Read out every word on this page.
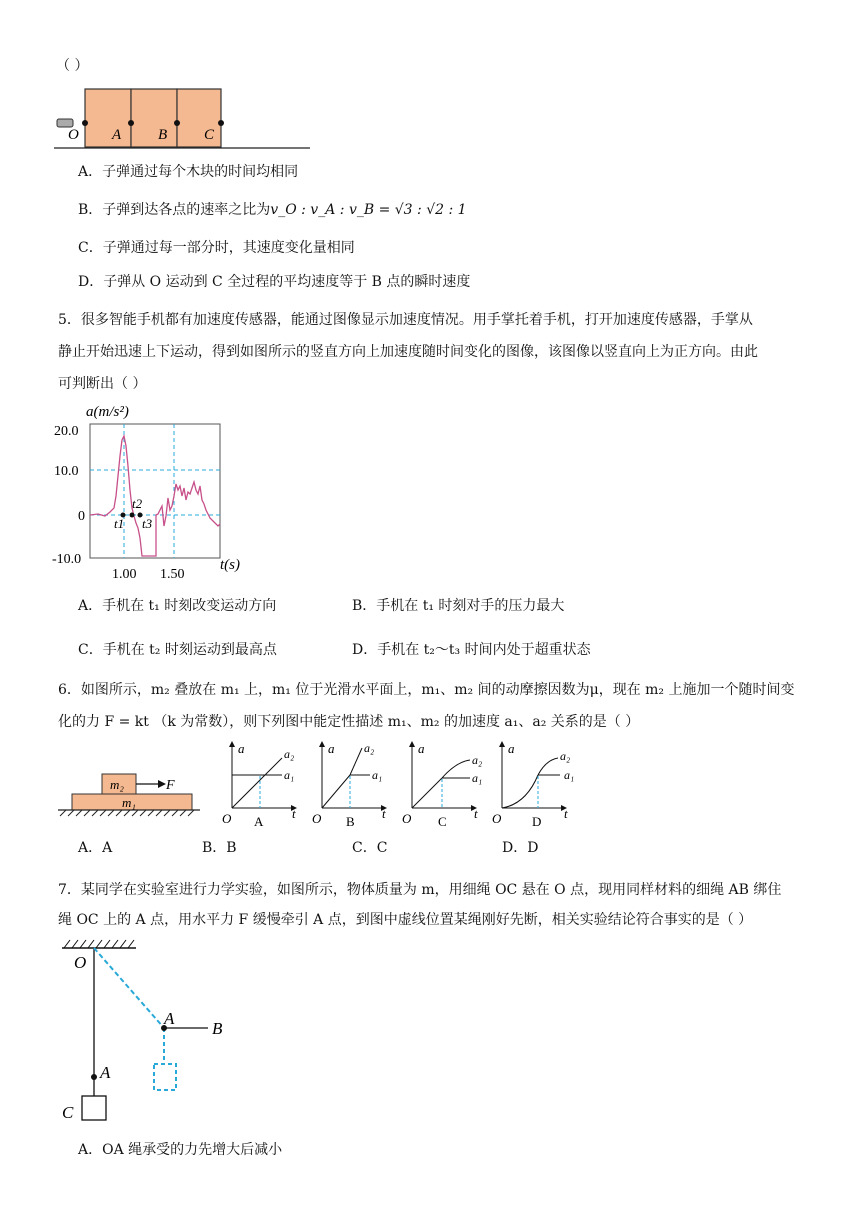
（ ）
O A B C
A．子弹通过每个木块的时间均相同
B．子弹到达各点的速率之比为v_O : v_A : v_B = √3 : √2 : 1
C．子弹通过每一部分时，其速度变化量相同
D．子弹从 O 运动到 C 全过程的平均速度等于 B 点的瞬时速度
5．很多智能手机都有加速度传感器，能通过图像显示加速度情况。用手掌托着手机，打开加速度传感器，手掌从
静止开始迅速上下运动，得到如图所示的竖直方向上加速度随时间变化的图像，该图像以竖直向上为正方向。由此
可判断出（ ）
a(m/s²)
20.0
10.0
0
-10.0
1.00 1.50
t(s)
t1
t2
t3
A．手机在 t₁ 时刻改变运动方向	B．手机在 t₁ 时刻对手的压力最大
C．手机在 t₂ 时刻运动到最高点	D．手机在 t₂～t₃ 时间内处于超重状态
6．如图所示，m₂ 叠放在 m₁ 上，m₁ 位于光滑水平面上，m₁、m₂ 间的动摩擦因数为μ，现在 m₂ 上施加一个随时间变
化的力 F = kt （k 为常数），则下列图中能定性描述 m₁、m₂ 的加速度 a₁、a₂ 关系的是（ ）
m₂
m₁
F
a	a₂
a₁
t
O A
a a₂
a₁
t
O B
a
a₂
a₁
t
O C
a	a₂
a₁
t
O D
A．A	B．B	C．C	D．D
7．某同学在实验室进行力学实验，如图所示，物体质量为 m，用细绳 OC 悬在 O 点，现用同样材料的细绳 AB 绑住
绳 OC 上的 A 点，用水平力 F 缓慢牵引 A 点，到图中虚线位置某绳刚好先断，相关实验结论符合事实的是（ ）
O
A
B
A
C
A．OA 绳承受的力先增大后减小
